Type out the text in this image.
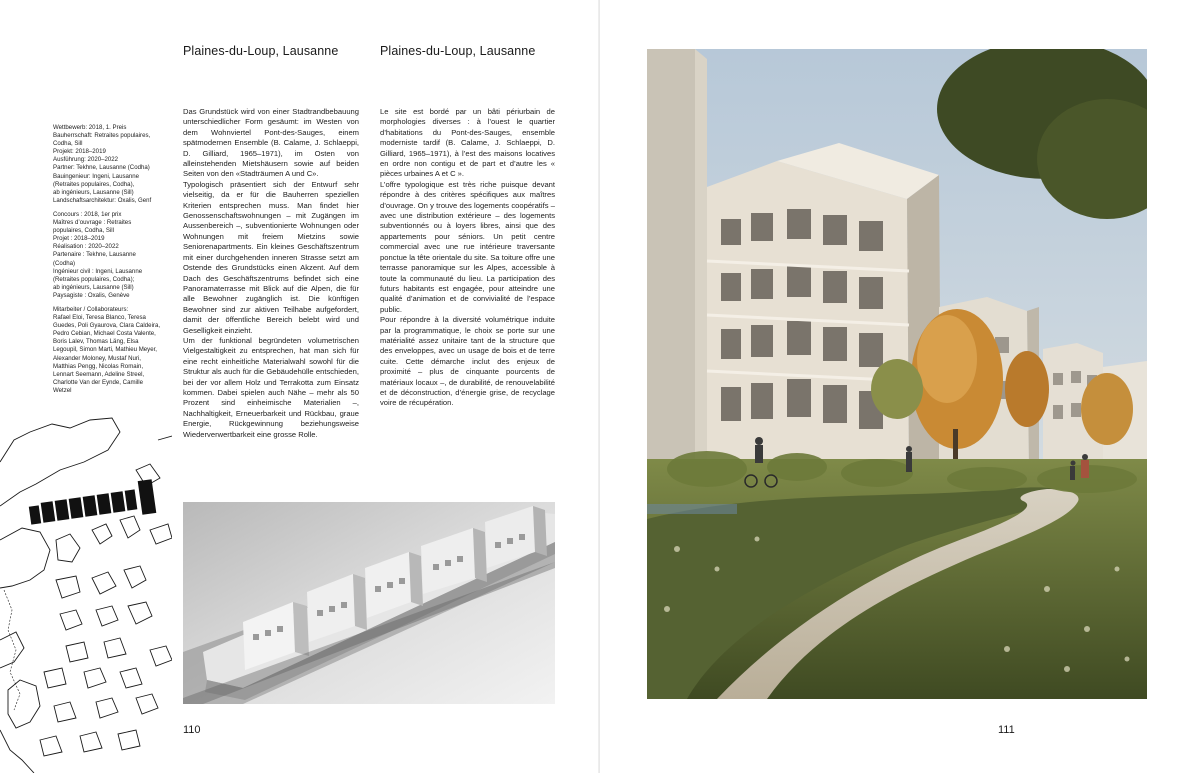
Plaines-du-Loup, Lausanne	Plaines-du-Loup, Lausanne
Wettbewerb: 2018, 1. Preis
Bauherrschaft: Retraites populaires,
Codha, Sill
Projekt: 2018–2019
Ausführung: 2020–2022
Partner: Tekhne, Lausanne (Codha)
Bauingenieur: Ingeni, Lausanne
(Retraites populaires, Codha),
ab ingénieurs, Lausanne (Sill)
Landschaftsarchitektur: Oxalis, Genf
Concours : 2018, 1er prix
Maîtres d’ouvrage : Retraites
populaires, Codha, Sill
Projet : 2018–2019
Réalisation : 2020–2022
Partenaire : Tekhne, Lausanne
(Codha)
Ingénieur civil : Ingeni, Lausanne
(Retraites populaires, Codha);
ab ingénieurs, Lausanne (Sill)
Paysagiste : Oxalis, Genève
Mitarbeiter / Collaborateurs:
Rafael Eloi, Teresa Blanco, Teresa
Guedes, Poli Gyaurova, Clara Caldeira,
Pedro Cebian, Michael Costa Valente,
Boris Lalev, Thomas Läng, Elsa
Legoupil, Simon Marti, Mathieu Meyer,
Alexander Moloney, Mustaf Nuri,
Matthias Pengg, Nicolas Romain,
Lennart Seemann, Adeline Streel,
Charlotte Van der Eynde, Camille
Wetzel

Das Grundstück wird von einer Stadtrandbebauung unterschiedlicher Form gesäumt: im Westen von dem Wohnviertel Pont-des-Sauges, einem spätmodernen Ensemble (B. Calame, J. Schlaeppi, D. Gilliard, 1965–1971), im Osten von alleinstehenden Mietshäusern sowie auf beiden Seiten von den «Stadträumen A und C».

Typologisch präsentiert sich der Entwurf sehr vielseitig, da er für die Bauherren speziellen Kriterien entsprechen muss. Man findet hier Genossenschaftswohnungen – mit Zugängen im Aussenbereich –, subventionierte Wohnungen oder Wohnungen mit freiem Mietzins sowie Seniorenapartments. Ein kleines Geschäftszentrum mit einer durchgehenden inneren Strasse setzt am Ostende des Grundstücks einen Akzent. Auf dem Dach des Geschäftszentrums befindet sich eine Panoramaterrasse mit Blick auf die Alpen, die für alle Bewohner zugänglich ist. Die künftigen Bewohner sind zur aktiven Teilhabe aufgefordert, damit der öffentliche Bereich belebt wird und Geselligkeit einzieht.

Um der funktional begründeten volumetrischen Vielgestaltigkeit zu entsprechen, hat man sich für eine recht einheitliche Materialwahl sowohl für die Struktur als auch für die Gebäudehülle entschieden, bei der vor allem Holz und Terrakotta zum Einsatz kommen. Dabei spielen auch Nähe – mehr als 50 Prozent sind einheimische Materialien –, Nachhaltigkeit, Erneuerbarkeit und Rückbau, graue Energie, Rückgewinnung beziehungsweise Wiederverwertbarkeit eine grosse Rolle.

Le site est bordé par un bâti périurbain de morphologies diverses : à l’ouest le quartier d’habitations du Pont-des-Sauges, ensemble moderniste tardif (B. Calame, J. Schlaeppi, D. Gilliard, 1965–1971), à l’est des maisons locatives en ordre non contigu et de part et d’autre les « pièces urbaines A et C ».

L’offre typologique est très riche puisque devant répondre à des critères spécifiques aux maîtres d’ouvrage. On y trouve des logements coopératifs – avec une distribution extérieure – des logements subventionnés ou à loyers libres, ainsi que des appartements pour séniors. Un petit centre commercial avec une rue intérieure traversante ponctue la tête orientale du site. Sa toiture offre une terrasse panoramique sur les Alpes, accessible à toute la communauté du lieu. La participation des futurs habitants est engagée, pour atteindre une qualité d’animation et de convivialité de l’espace public.

Pour répondre à la diversité volumétrique induite par la programmatique, le choix se porte sur une matérialité assez unitaire tant de la structure que des enveloppes, avec un usage de bois et de terre cuite. Cette démarche inclut des enjeux de proximité – plus de cinquante pourcents de matériaux locaux –, de durabilité, de renouvelabilité et de déconstruction, d’énergie grise, de recyclage voire de récupération.

110	111
